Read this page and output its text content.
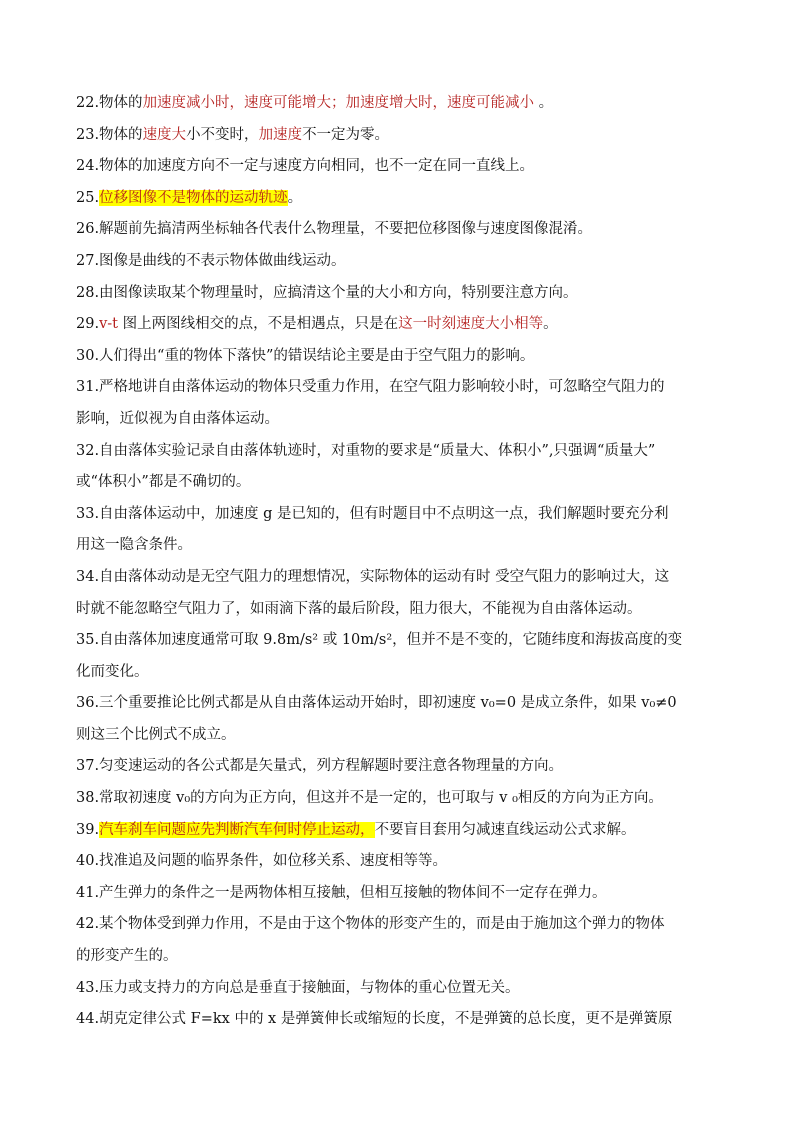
22.物体的加速度减小时，速度可能增大；加速度增大时，速度可能减小 。
23.物体的速度大小不变时，加速度不一定为零。
24.物体的加速度方向不一定与速度方向相同，也不一定在同一直线上。
25.位移图像不是物体的运动轨迹。
26.解题前先搞清两坐标轴各代表什么物理量，不要把位移图像与速度图像混淆。
27.图像是曲线的不表示物体做曲线运动。
28.由图像读取某个物理量时，应搞清这个量的大小和方向，特别要注意方向。
29.v-t 图上两图线相交的点，不是相遇点，只是在这一时刻速度大小相等。
30.人们得出“重的物体下落快”的错误结论主要是由于空气阻力的影响。
31.严格地讲自由落体运动的物体只受重力作用，在空气阻力影响较小时，可忽略空气阻力的
影响，近似视为自由落体运动。
32.自由落体实验记录自由落体轨迹时，对重物的要求是“质量大、体积小”,只强调“质量大”
或“体积小”都是不确切的。
33.自由落体运动中，加速度 g 是已知的，但有时题目中不点明这一点，我们解题时要充分利
用这一隐含条件。
34.自由落体动动是无空气阻力的理想情况，实际物体的运动有时 受空气阻力的影响过大，这
时就不能忽略空气阻力了，如雨滴下落的最后阶段，阻力很大，不能视为自由落体运动。
35.自由落体加速度通常可取 9.8m/s² 或 10m/s²，但并不是不变的，它随纬度和海拔高度的变
化而变化。
36.三个重要推论比例式都是从自由落体运动开始时，即初速度 v₀=0 是成立条件，如果 v₀≠0
则这三个比例式不成立。
37.匀变速运动的各公式都是矢量式，列方程解题时要注意各物理量的方向。
38.常取初速度 v₀的方向为正方向，但这并不是一定的，也可取与 v ₀相反的方向为正方向。
39.汽车刹车问题应先判断汽车何时停止运动，不要盲目套用匀减速直线运动公式求解。
40.找准追及问题的临界条件，如位移关系、速度相等等。
41.产生弹力的条件之一是两物体相互接触，但相互接触的物体间不一定存在弹力。
42.某个物体受到弹力作用，不是由于这个物体的形变产生的，而是由于施加这个弹力的物体
的形变产生的。
43.压力或支持力的方向总是垂直于接触面，与物体的重心位置无关。
44.胡克定律公式 F=kx 中的 x 是弹簧伸长或缩短的长度，不是弹簧的总长度，更不是弹簧原
